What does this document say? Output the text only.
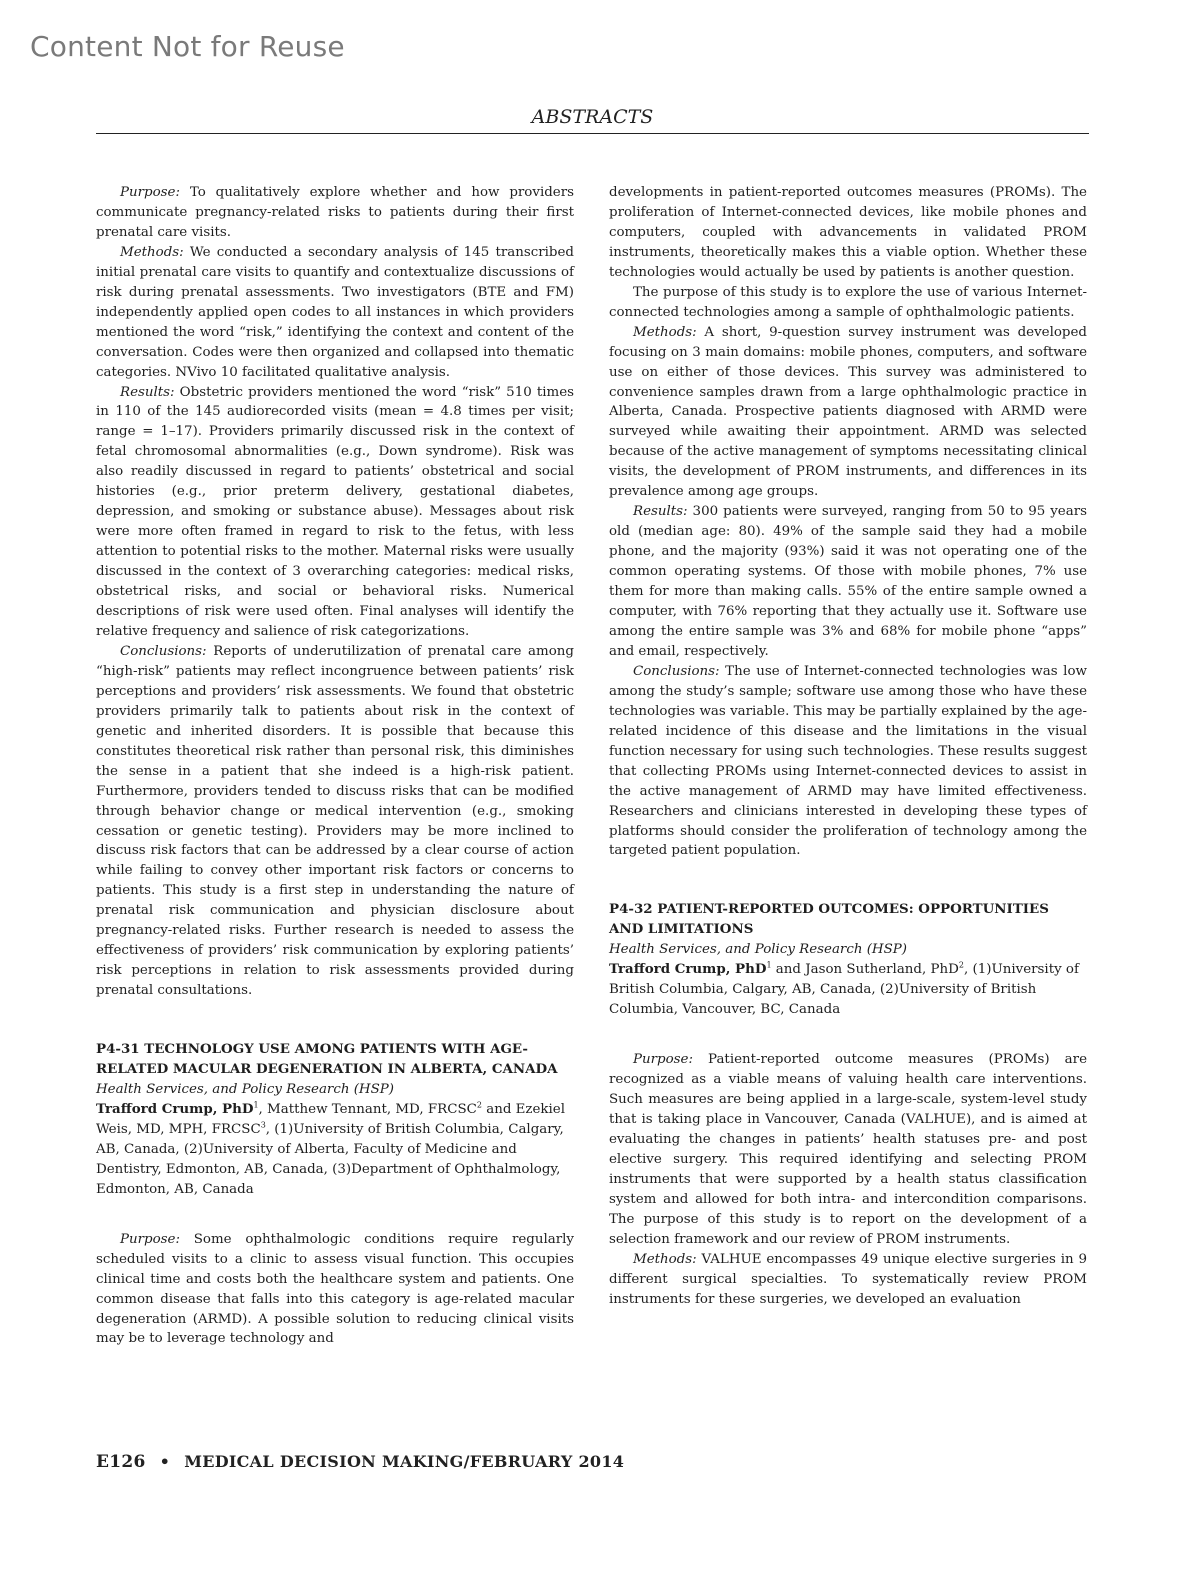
Content Not for Reuse
ABSTRACTS

Purpose: To qualitatively explore whether and how providers communicate pregnancy-related risks to patients during their first prenatal care visits.

Methods: We conducted a secondary analysis of 145 transcribed initial prenatal care visits to quantify and contextualize discussions of risk during prenatal assessments. Two investigators (BTE and FM) independently applied open codes to all instances in which providers mentioned the word “risk,” identifying the context and content of the conversation. Codes were then organized and collapsed into thematic categories. NVivo 10 facilitated qualitative analysis.

Results: Obstetric providers mentioned the word “risk” 510 times in 110 of the 145 audiorecorded visits (mean = 4.8 times per visit; range = 1–17). Providers primarily discussed risk in the context of fetal chromosomal abnormalities (e.g., Down syndrome). Risk was also readily discussed in regard to patients’ obstetrical and social histories (e.g., prior preterm delivery, gestational diabetes, depression, and smoking or substance abuse). Messages about risk were more often framed in regard to risk to the fetus, with less attention to potential risks to the mother. Maternal risks were usually discussed in the context of 3 overarching categories: medical risks, obstetrical risks, and social or behavioral risks. Numerical descriptions of risk were used often. Final analyses will identify the relative frequency and salience of risk categorizations.

Conclusions: Reports of underutilization of prenatal care among “high-risk” patients may reflect incongruence between patients’ risk perceptions and providers’ risk assessments. We found that obstetric providers primarily talk to patients about risk in the context of genetic and inherited disorders. It is possible that because this constitutes theoretical risk rather than personal risk, this diminishes the sense in a patient that she indeed is a high-risk patient. Furthermore, providers tended to discuss risks that can be modified through behavior change or medical intervention (e.g., smoking cessation or genetic testing). Providers may be more inclined to discuss risk factors that can be addressed by a clear course of action while failing to convey other important risk factors or concerns to patients. This study is a first step in understanding the nature of prenatal risk communication and physician disclosure about pregnancy-related risks. Further research is needed to assess the effectiveness of providers’ risk communication by exploring patients’ risk perceptions in relation to risk assessments provided during prenatal consultations.

P4-31 TECHNOLOGY USE AMONG PATIENTS WITH AGE-RELATED MACULAR DEGENERATION IN ALBERTA, CANADA

Health Services, and Policy Research (HSP)

Trafford Crump, PhD$^1$, Matthew Tennant, MD, FRCSC$^2$ and Ezekiel Weis, MD, MPH, FRCSC$^3$, (1)University of British Columbia, Calgary, AB, Canada, (2)University of Alberta, Faculty of Medicine and Dentistry, Edmonton, AB, Canada, (3)Department of Ophthalmology, Edmonton, AB, Canada

Purpose: Some ophthalmologic conditions require regularly scheduled visits to a clinic to assess visual function. This occupies clinical time and costs both the healthcare system and patients. One common disease that falls into this category is age-related macular degeneration (ARMD). A possible solution to reducing clinical visits may be to leverage technology and

developments in patient-reported outcomes measures (PROMs). The proliferation of Internet-connected devices, like mobile phones and computers, coupled with advancements in validated PROM instruments, theoretically makes this a viable option. Whether these technologies would actually be used by patients is another question.

The purpose of this study is to explore the use of various Internet-connected technologies among a sample of ophthalmologic patients.

Methods: A short, 9-question survey instrument was developed focusing on 3 main domains: mobile phones, computers, and software use on either of those devices. This survey was administered to convenience samples drawn from a large ophthalmologic practice in Alberta, Canada. Prospective patients diagnosed with ARMD were surveyed while awaiting their appointment. ARMD was selected because of the active management of symptoms necessitating clinical visits, the development of PROM instruments, and differences in its prevalence among age groups.

Results: 300 patients were surveyed, ranging from 50 to 95 years old (median age: 80). 49% of the sample said they had a mobile phone, and the majority (93%) said it was not operating one of the common operating systems. Of those with mobile phones, 7% use them for more than making calls. 55% of the entire sample owned a computer, with 76% reporting that they actually use it. Software use among the entire sample was 3% and 68% for mobile phone “apps” and email, respectively.

Conclusions: The use of Internet-connected technologies was low among the study’s sample; software use among those who have these technologies was variable. This may be partially explained by the age-related incidence of this disease and the limitations in the visual function necessary for using such technologies. These results suggest that collecting PROMs using Internet-connected devices to assist in the active management of ARMD may have limited effectiveness. Researchers and clinicians interested in developing these types of platforms should consider the proliferation of technology among the targeted patient population.

P4-32 PATIENT-REPORTED OUTCOMES: OPPORTUNITIES AND LIMITATIONS

Health Services, and Policy Research (HSP)

Trafford Crump, PhD$^1$ and Jason Sutherland, PhD$^2$, (1)University of British Columbia, Calgary, AB, Canada, (2)University of British Columbia, Vancouver, BC, Canada

Purpose: Patient-reported outcome measures (PROMs) are recognized as a viable means of valuing health care interventions. Such measures are being applied in a large-scale, system-level study that is taking place in Vancouver, Canada (VALHUE), and is aimed at evaluating the changes in patients’ health statuses pre- and post elective surgery. This required identifying and selecting PROM instruments that were supported by a health status classification system and allowed for both intra- and intercondition comparisons. The purpose of this study is to report on the development of a selection framework and our review of PROM instruments.

Methods: VALHUE encompasses 49 unique elective surgeries in 9 different surgical specialties. To systematically review PROM instruments for these surgeries, we developed an evaluation

E126 • MEDICAL DECISION MAKING/FEBRUARY 2014
